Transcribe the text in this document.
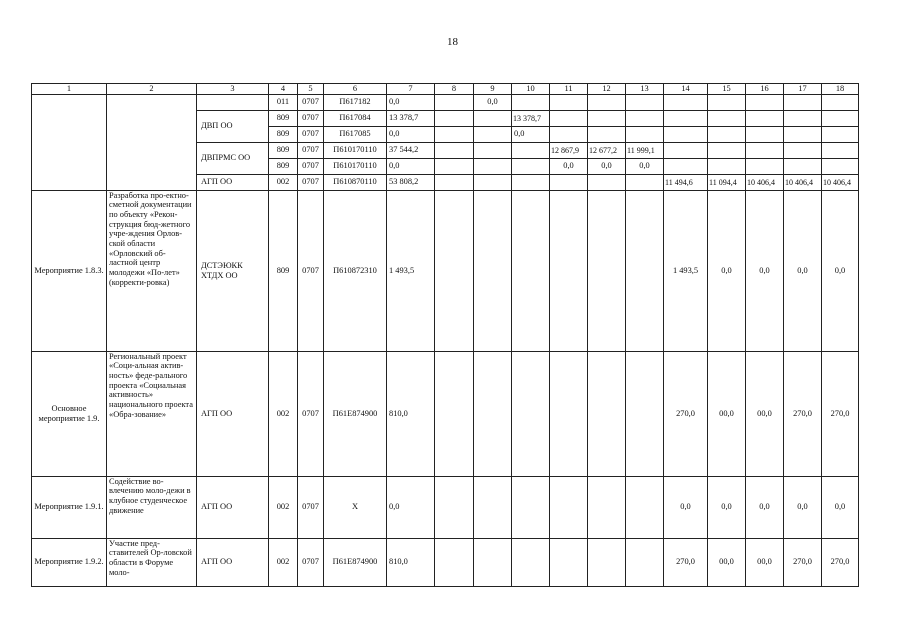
18
1	2	3	4	5	6	7	8	9	10	11	12	13	14	15	16	17	18
			011	0707	П617182	0,0		0,0									
		ДВП ОО	809	0707	П617084	13 378,7			13 378,7								
			809	0707	П617085	0,0			0,0								
		ДВПРМС ОО	809	0707	П610170110	37 544,2				12 867,9	12 677,2	11 999,1					
			809	0707	П610170110	0,0				0,0	0,0	0,0					
		АГП ОО	002	0707	П610870110	53 808,2							11 494,6	11 094,4	10 406,4	10 406,4	10 406,4
Мероприятие 1.8.3.	Разработка про-ектно-сметной документации по объекту «Рекон-струкция бюд-жетного учре-ждения Орлов-ской области «Орловский об-ластной центр молодежи «По-лет» (корректи-ровка)	ДСТЭЮКК ХТДХ ОО	809	0707	П610872310	1 493,5							1 493,5	0,0	0,0	0,0	0,0
Основное мероприятие 1.9.	Региональный проект «Соци-альная актив-ность» феде-рального проекта «Социальная активность» национального проекта «Обра-зование»	АГП ОО	002	0707	П61Е874900	810,0							270,0	00,0	00,0	270,0	270,0
Мероприятие 1.9.1.	Содействие во-влечению моло-дежи в клубное студенческое движение	АГП ОО	002	0707	Х	0,0							0,0	0,0	0,0	0,0	0,0
Мероприятие 1.9.2.	Участие пред-ставителей Ор-ловской области в Форуме моло-	АГП ОО	002	0707	П61Е874900	810,0							270,0	00,0	00,0	270,0	270,0
